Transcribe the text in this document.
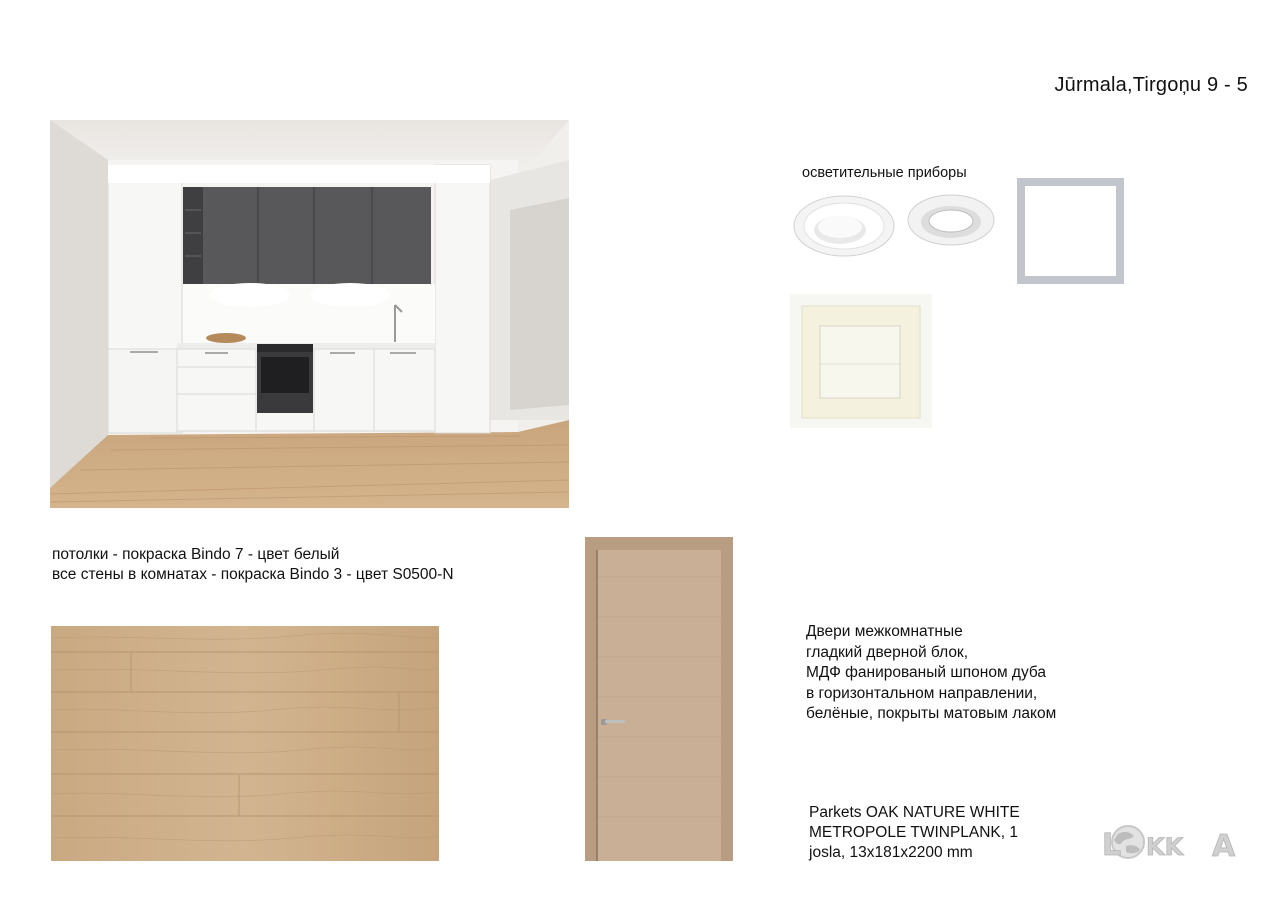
Jūrmala,Tirgoņu 9 - 5
потолки - покраска Bindo 7 - цвет белый
все стены в комнатах - покраска Bindo 3 - цвет S0500-N
осветительные приборы
Двери межкомнатные
гладкий дверной блок,
МДФ фанированый шпоном дуба
в горизонтальном направлении,
белёные, покрыты матовым лаком
Parkets OAK NATURE WHITE
METROPOLE TWINPLANK, 1
josla, 13x181x2200 mm	L KK A
